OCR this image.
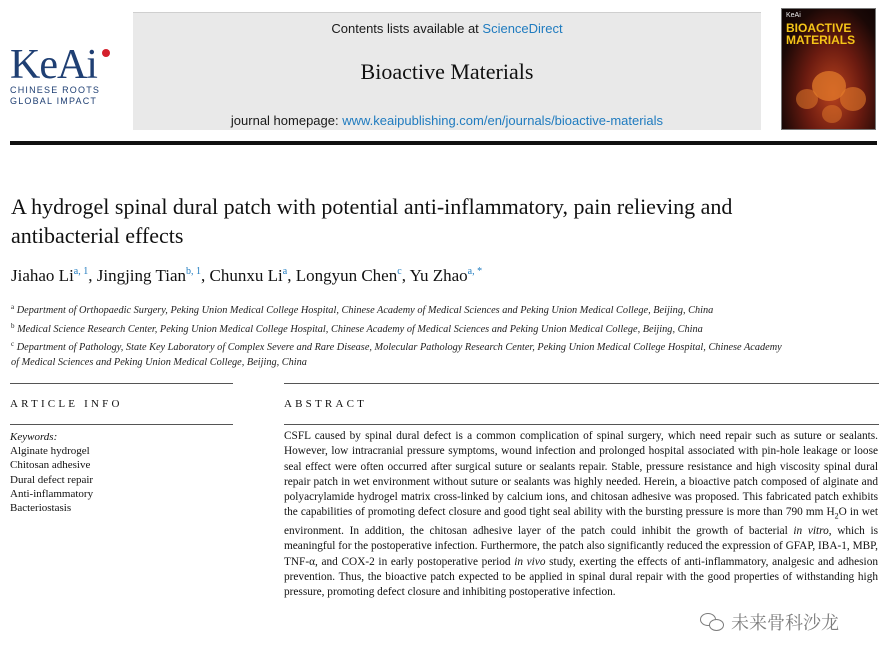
KeAi
CHINESE ROOTS
GLOBAL IMPACT
Contents lists available at ScienceDirect
Bioactive Materials
journal homepage: www.keaipublishing.com/en/journals/bioactive-materials
KeAi
BIOACTIVE
MATERIALS
A hydrogel spinal dural patch with potential anti-inflammatory, pain relieving and antibacterial effects
Jiahao Li$^{a, 1}$, Jingjing Tian$^{b, 1}$, Chunxu Li$^a$, Longyun Chen$^c$, Yu Zhao$^{a, *}$
$^a$ Department of Orthopaedic Surgery, Peking Union Medical College Hospital, Chinese Academy of Medical Sciences and Peking Union Medical College, Beijing, China
$^b$ Medical Science Research Center, Peking Union Medical College Hospital, Chinese Academy of Medical Sciences and Peking Union Medical College, Beijing, China
$^c$ Department of Pathology, State Key Laboratory of Complex Severe and Rare Disease, Molecular Pathology Research Center, Peking Union Medical College Hospital, Chinese Academy of Medical Sciences and Peking Union Medical College, Beijing, China
ARTICLE INFO	ABSTRACT
Keywords:
Alginate hydrogel
Chitosan adhesive
Dural defect repair
Anti-inflammatory
Bacteriostasis
CSFL caused by spinal dural defect is a common complication of spinal surgery, which need repair such as suture or sealants. However, low intracranial pressure symptoms, wound infection and prolonged hospital associated with pin-hole leakage or loose seal effect were often occurred after surgical suture or sealants repair. Stable, pressure resistance and high viscosity spinal dural repair patch in wet environment without suture or sealants was highly needed. Herein, a bioactive patch composed of alginate and polyacrylamide hydrogel matrix cross-linked by calcium ions, and chitosan adhesive was proposed. This fabricated patch exhibits the capabilities of promoting defect closure and good tight seal ability with the bursting pressure is more than 790 mm $H_2O$ in wet environment. In addition, the chitosan adhesive layer of the patch could inhibit the growth of bacterial in vitro, which is meaningful for the postoperative infection. Furthermore, the patch also significantly reduced the expression of GFAP, IBA-1, MBP, TNF-α, and COX-2 in early postoperative period in vivo study, exerting the effects of anti-inflammatory, analgesic and adhesion prevention. Thus, the bioactive patch expected to be applied in spinal dural repair with the good properties of withstanding high pressure, promoting defect closure and inhibiting postoperative infection.
未来骨科沙龙
